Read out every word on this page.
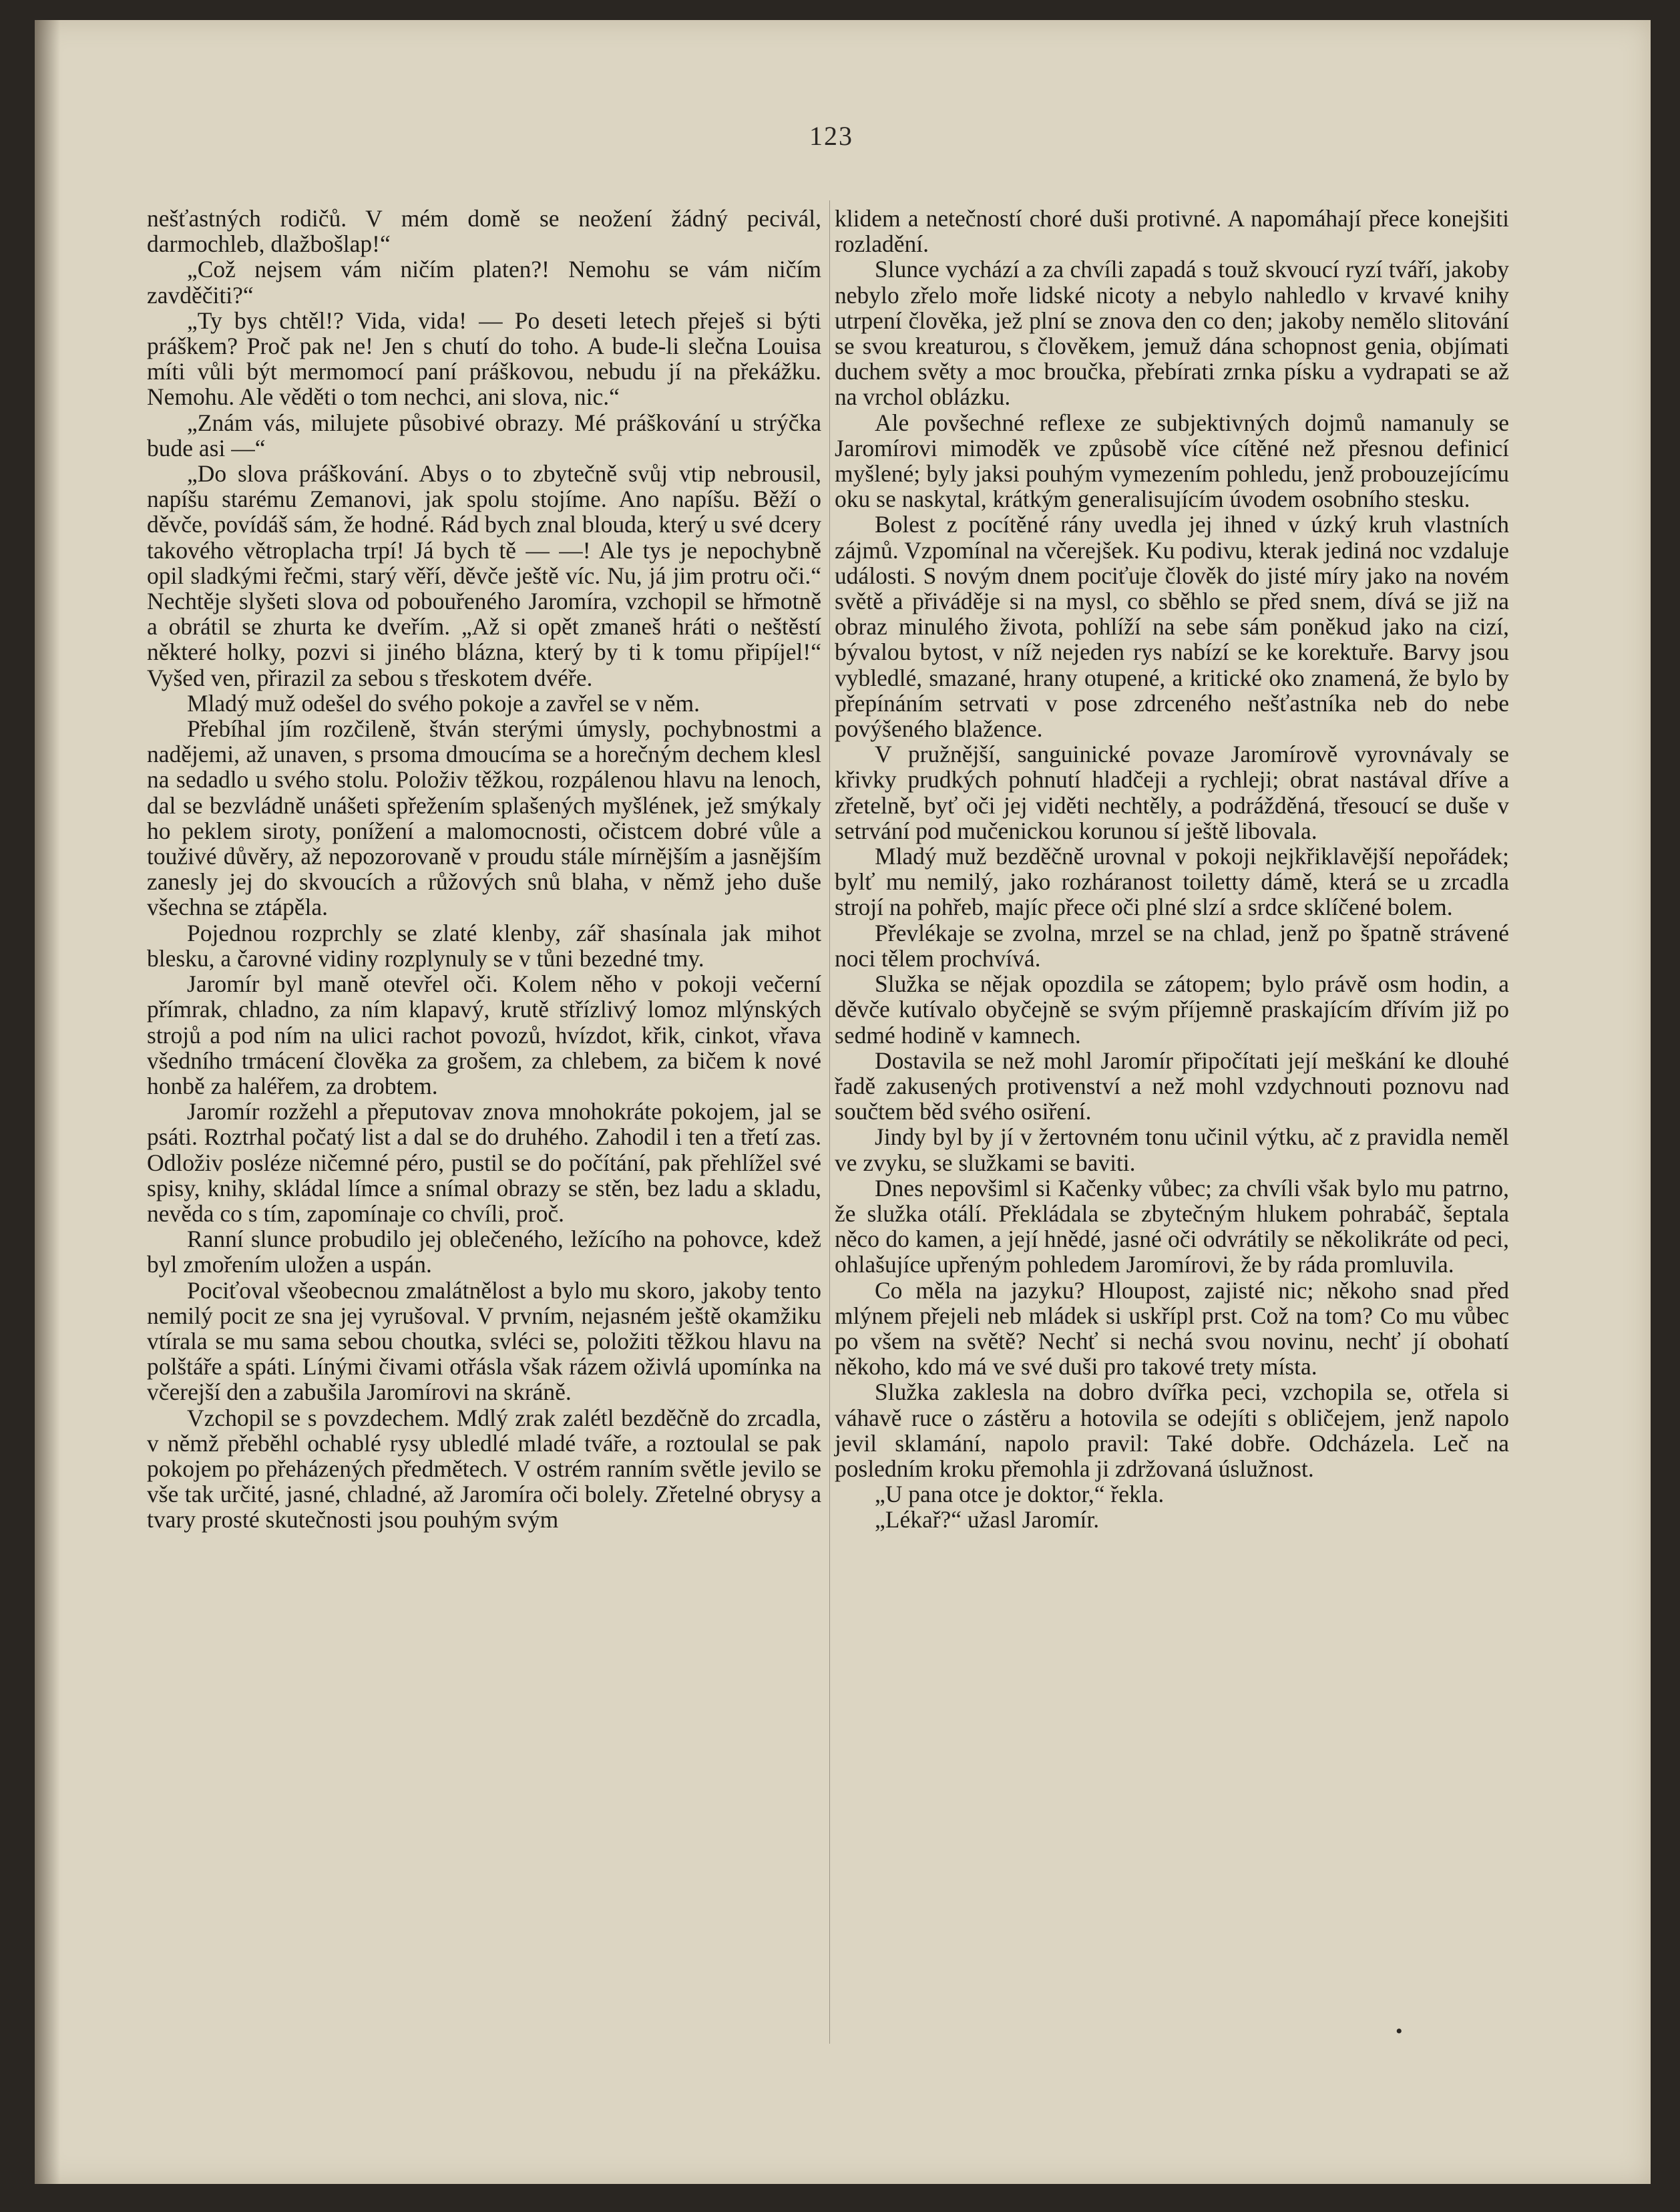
123

nešťastných rodičů. V mém domě se neožení žádný pecivál, darmochleb, dlažbošlap!“

„Což nejsem vám ničím platen?! Nemohu se vám ničím zavděčiti?“

„Ty bys chtěl!? Vida, vida! — Po deseti letech přeješ si býti práškem? Proč pak ne! Jen s chutí do toho. A bude-li slečna Louisa míti vůli být mermomocí paní práškovou, nebudu jí na překážku. Nemohu. Ale věděti o tom nechci, ani slova, nic.“

„Znám vás, milujete působivé obrazy. Mé práškování u strýčka bude asi —“

„Do slova práškování. Abys o to zbytečně svůj vtip nebrousil, napíšu starému Zemanovi, jak spolu stojíme. Ano napíšu. Běží o děvče, povídáš sám, že hodné. Rád bych znal blouda, který u své dcery takového větroplacha trpí! Já bych tě — —! Ale tys je nepochybně opil sladkými řečmi, starý věří, děvče ještě víc. Nu, já jim protru oči.“ Nechtěje slyšeti slova od pobouřeného Jaromíra, vzchopil se hřmotně a obrátil se zhurta ke dveřím. „Až si opět zmaneš hráti o neštěstí některé holky, pozvi si jiného blázna, který by ti k tomu připíjel!“ Vyšed ven, přirazil za sebou s třeskotem dvéře.

Mladý muž odešel do svého pokoje a zavřel se v něm.

Přebíhal jím rozčileně, štván sterými úmysly, pochybnostmi a nadějemi, až unaven, s prsoma dmoucíma se a horečným dechem klesl na sedadlo u svého stolu. Položiv těžkou, rozpálenou hlavu na lenoch, dal se bezvládně unášeti spřežením splašených myšlének, jež smýkaly ho peklem siroty, ponížení a malomocnosti, očistcem dobré vůle a touživé důvěry, až nepozorovaně v proudu stále mírnějším a jasnějším zanesly jej do skvoucích a růžových snů blaha, v němž jeho duše všechna se ztápěla.

Pojednou rozprchly se zlaté klenby, zář shasínala jak mihot blesku, a čarovné vidiny rozplynuly se v tůni bezedné tmy.

Jaromír byl maně otevřel oči. Kolem něho v pokoji večerní přímrak, chladno, za ním klapavý, krutě střízlivý lomoz mlýnských strojů a pod ním na ulici rachot povozů, hvízdot, křik, cinkot, vřava všedního trmácení člověka za grošem, za chlebem, za bičem k nové honbě za haléřem, za drobtem.

Jaromír rozžehl a přeputovav znova mnohokráte pokojem, jal se psáti. Roztrhal počatý list a dal se do druhého. Zahodil i ten a třetí zas. Odloživ posléze ničemné péro, pustil se do počítání, pak přehlížel své spisy, knihy, skládal límce a snímal obrazy se stěn, bez ladu a skladu, nevěda co s tím, zapomínaje co chvíli, proč.

Ranní slunce probudilo jej oblečeného, ležícího na pohovce, kdež byl zmořením uložen a uspán.

Pociťoval všeobecnou zmalátnělost a bylo mu skoro, jakoby tento nemilý pocit ze sna jej vyrušoval. V prvním, nejasném ještě okamžiku vtírala se mu sama sebou choutka, svléci se, položiti těžkou hlavu na polštáře a spáti. Línými čivami otřásla však rázem oživlá upomínka na včerejší den a zabušila Jaromírovi na skráně.

Vzchopil se s povzdechem. Mdlý zrak zalétl bezděčně do zrcadla, v němž přeběhl ochablé rysy ubledlé mladé tváře, a roztoulal se pak pokojem po přeházených předmětech. V ostrém ranním světle jevilo se vše tak určité, jasné, chladné, až Jaromíra oči bolely. Zřetelné obrysy a tvary prosté skutečnosti jsou pouhým svým

klidem a netečností choré duši protivné. A napomáhají přece konejšiti rozladění.

Slunce vychází a za chvíli zapadá s touž skvoucí ryzí tváří, jakoby nebylo zřelo moře lidské nicoty a nebylo nahledlo v krvavé knihy utrpení člověka, jež plní se znova den co den; jakoby nemělo slitování se svou kreaturou, s člověkem, jemuž dána schopnost genia, objímati duchem světy a moc broučka, přebírati zrnka písku a vydrapati se až na vrchol oblázku.

Ale povšechné reflexe ze subjektivných dojmů namanuly se Jaromírovi mimoděk ve způsobě více cítěné než přesnou definicí myšlené; byly jaksi pouhým vymezením pohledu, jenž probouzejícímu oku se naskytal, krátkým generalisujícím úvodem osobního stesku.

Bolest z pocítěné rány uvedla jej ihned v úzký kruh vlastních zájmů. Vzpomínal na včerejšek. Ku podivu, kterak jediná noc vzdaluje události. S novým dnem pociťuje člověk do jisté míry jako na novém světě a přiváděje si na mysl, co sběhlo se před snem, dívá se již na obraz minulého života, pohlíží na sebe sám poněkud jako na cizí, bývalou bytost, v níž nejeden rys nabízí se ke korektuře. Barvy jsou vybledlé, smazané, hrany otupené, a kritické oko znamená, že bylo by přepínáním setrvati v pose zdrceného nešťastníka neb do nebe povýšeného blažence.

V pružnější, sanguinické povaze Jaromírově vyrovnávaly se křivky prudkých pohnutí hladčeji a rychleji; obrat nastával dříve a zřetelně, byť oči jej viděti nechtěly, a podrážděná, třesoucí se duše v setrvání pod mučenickou korunou sí ještě libovala.

Mladý muž bezděčně urovnal v pokoji nejkřiklavější nepořádek; bylť mu nemilý, jako rozháranost toiletty dámě, která se u zrcadla strojí na pohřeb, majíc přece oči plné slzí a srdce sklíčené bolem.

Převlékaje se zvolna, mrzel se na chlad, jenž po špatně strávené noci tělem prochvívá.

Služka se nějak opozdila se zátopem; bylo právě osm hodin, a děvče kutívalo obyčejně se svým příjemně praskajícím dřívím již po sedmé hodině v kamnech.

Dostavila se než mohl Jaromír připočítati její meškání ke dlouhé řadě zakusených protivenství a než mohl vzdychnouti poznovu nad součtem běd svého osiření.

Jindy byl by jí v žertovném tonu učinil výtku, ač z pravidla neměl ve zvyku, se služkami se baviti.

Dnes nepovšiml si Kačenky vůbec; za chvíli však bylo mu patrno, že služka otálí. Překládala se zbytečným hlukem pohrabáč, šeptala něco do kamen, a její hnědé, jasné oči odvrátily se několikráte od peci, ohlašujíce upřeným pohledem Jaromírovi, že by ráda promluvila.

Co měla na jazyku? Hloupost, zajisté nic; někoho snad před mlýnem přejeli neb mládek si uskřípl prst. Což na tom? Co mu vůbec po všem na světě? Nechť si nechá svou novinu, nechť jí obohatí někoho, kdo má ve své duši pro takové trety místa.

Služka zaklesla na dobro dvířka peci, vzchopila se, otřela si váhavě ruce o zástěru a hotovila se odejíti s obličejem, jenž napolo jevil sklamání, napolo pravil: Také dobře. Odcházela. Leč na posledním kroku přemohla ji zdržovaná úslužnost.

„U pana otce je doktor,“ řekla.

„Lékař?“ užasl Jaromír.

•
